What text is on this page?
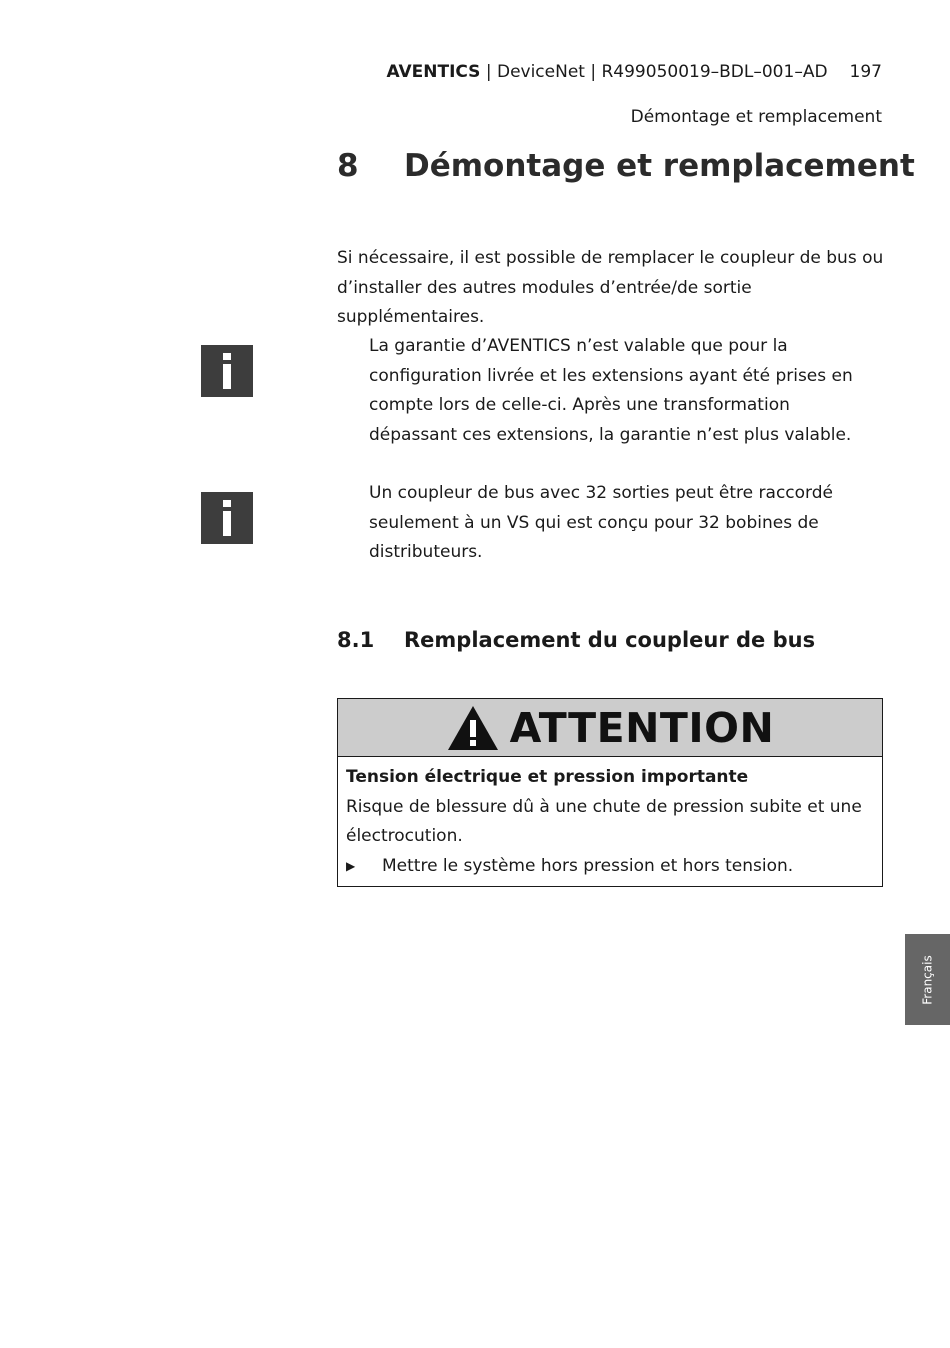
AVENTICS | DeviceNet | R499050019–BDL–001–AD 197
Démontage et remplacement
8 Démontage et remplacement

Si nécessaire, il est possible de remplacer le coupleur de bus ou d’installer des autres modules d’entrée/de sortie supplémentaires.

La garantie d’AVENTICS n’est valable que pour la configuration livrée et les extensions ayant été prises en compte lors de celle-ci. Après une transformation dépassant ces extensions, la garantie n’est plus valable.

Un coupleur de bus avec 32 sorties peut être raccordé seulement à un VS qui est conçu pour 32 bobines de distributeurs.

8.1 Remplacement du coupleur de bus
ATTENTION
Tension électrique et pression importante
Risque de blessure dû à une chute de pression subite et une électrocution.
▶	Mettre le système hors pression et hors tension.
Français
